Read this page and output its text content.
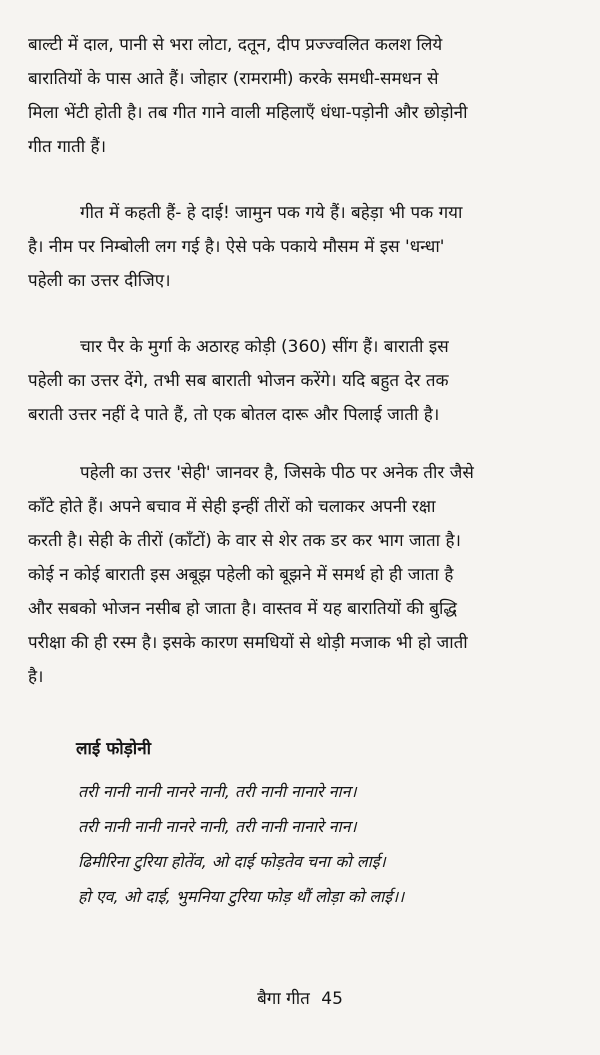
बाल्टी में दाल, पानी से भरा लोटा, दतून, दीप प्रज्ज्वलित कलश लिये
बारातियों के पास आते हैं। जोहार (रामरामी) करके समधी-समधन से
मिला भेंटी होती है। तब गीत गाने वाली महिलाएँ धंधा-पड़ोनी और छोड़ोनी
गीत गाती हैं।

गीत में कहती हैं- हे दाई! जामुन पक गये हैं। बहेड़ा भी पक गया
है। नीम पर निम्बोली लग गई है। ऐसे पके पकाये मौसम में इस 'धन्धा'
पहेली का उत्तर दीजिए।

चार पैर के मुर्गा के अठारह कोड़ी (360) सींग हैं। बाराती इस
पहेली का उत्तर देंगे, तभी सब बाराती भोजन करेंगे। यदि बहुत देर तक
बराती उत्तर नहीं दे पाते हैं, तो एक बोतल दारू और पिलाई जाती है।

पहेली का उत्तर 'सेही' जानवर है, जिसके पीठ पर अनेक तीर जैसे
काँटे होते हैं। अपने बचाव में सेही इन्हीं तीरों को चलाकर अपनी रक्षा
करती है। सेही के तीरों (काँटों) के वार से शेर तक डर कर भाग जाता है।
कोई न कोई बाराती इस अबूझ पहेली को बूझने में समर्थ हो ही जाता है
और सबको भोजन नसीब हो जाता है। वास्तव में यह बारातियों की बुद्धि
परीक्षा की ही रस्म है। इसके कारण समधियों से थोड़ी मजाक भी हो जाती
है।

लाई फोड़ोनी

तरी नानी नानी नानरे नानी, तरी नानी नानारे नान।
तरी नानी नानी नानरे नानी, तरी नानी नानारे नान।
ढिमीरिना टुरिया होतेंव, ओ दाई फोड़तेव चना को लाई।
हो एव, ओ दाई, भुमनिया टुरिया फोड़ थौं लोड़ा को लाई।।

बैगा गीत 45
